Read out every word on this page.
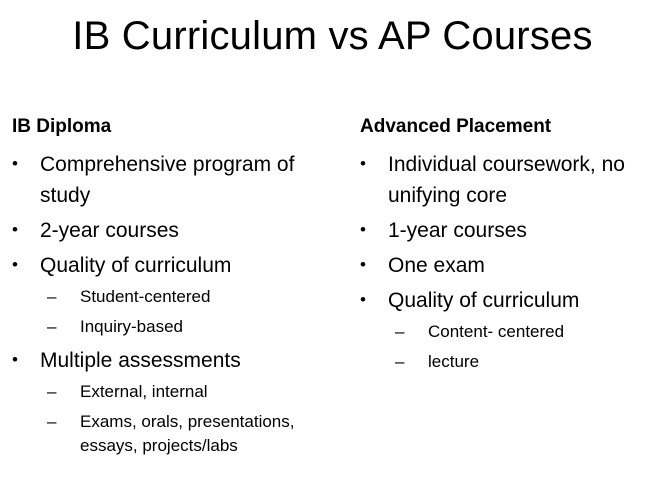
IB Curriculum vs AP Courses
IB Diploma
•	Comprehensive program of study
•	2-year courses
•	Quality of curriculum
–	Student-centered
–	Inquiry-based
•	Multiple assessments
–	External, internal
–	Exams, orals, presentations, essays, projects/labs
Advanced Placement
•	Individual coursework, no unifying core
•	1-year courses
•	One exam
•	Quality of curriculum
–	Content- centered
–	lecture
